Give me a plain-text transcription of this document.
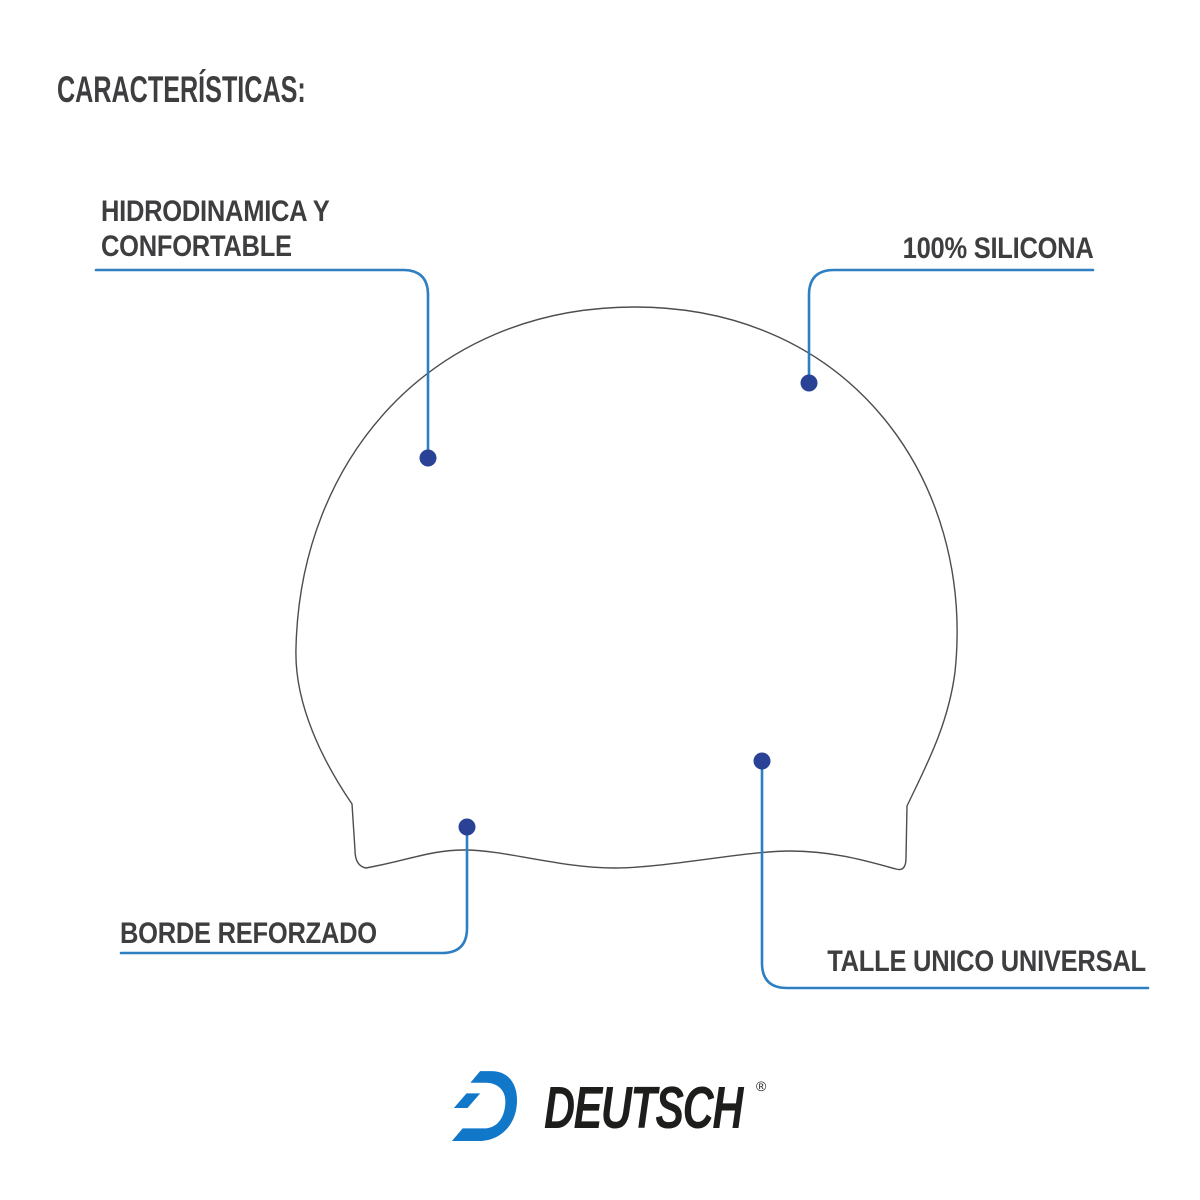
CARACTERÍSTICAS:
HIDRODINAMICA Y
CONFORTABLE	100% SILICONA
BORDE REFORZADO
TALLE UNICO UNIVERSAL
DEUTSCH ®
